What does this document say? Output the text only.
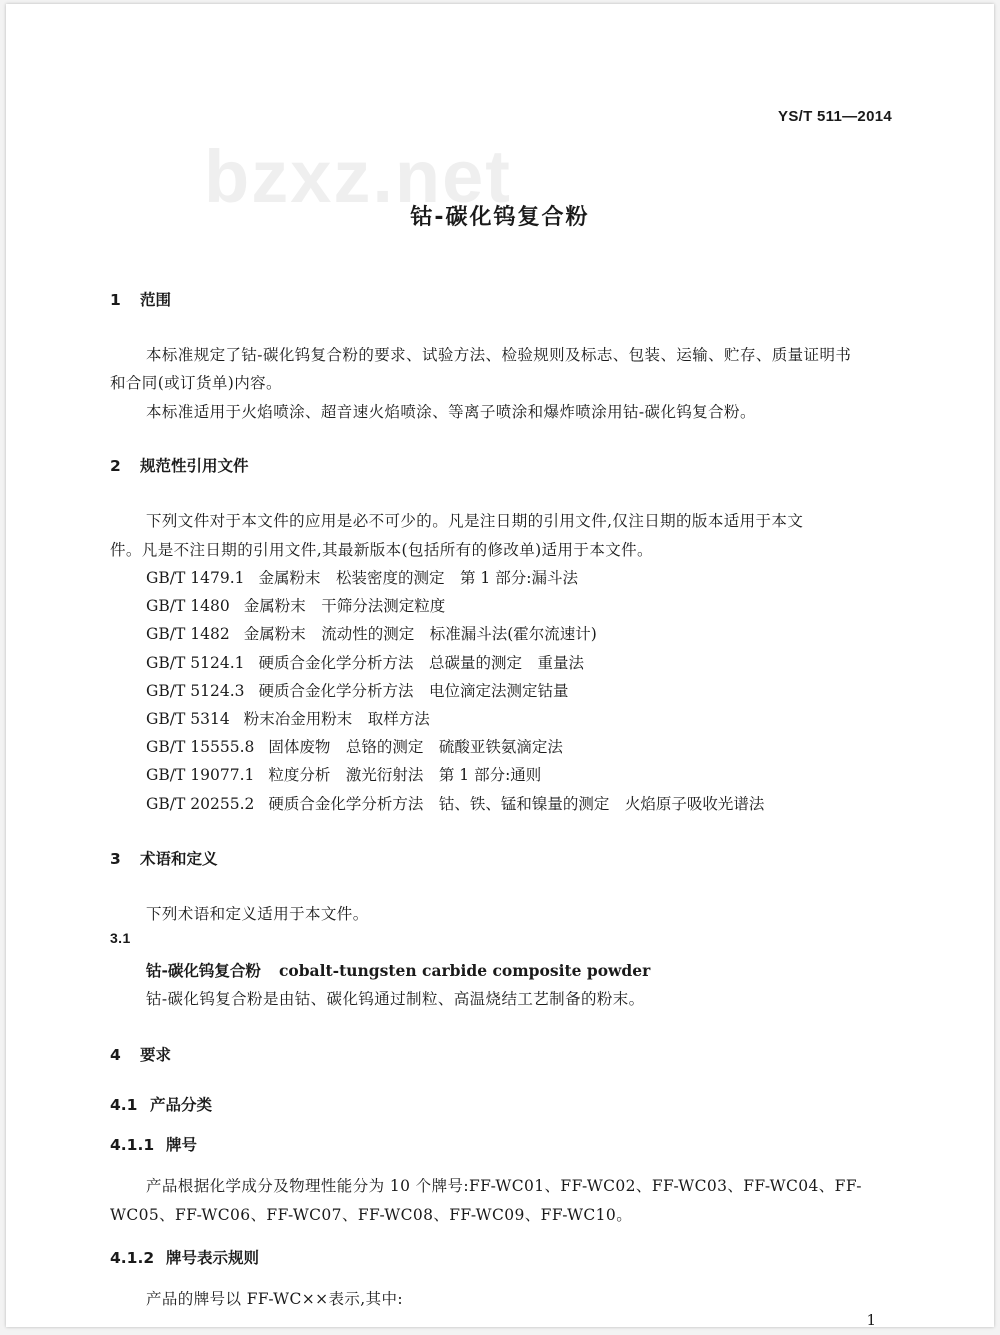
YS/T 511—2014
bzxz.net
钴-碳化钨复合粉
1 范围
本标准规定了钴-碳化钨复合粉的要求、试验方法、检验规则及标志、包装、运输、贮存、质量证明书
和合同(或订货单)内容。
本标准适用于火焰喷涂、超音速火焰喷涂、等离子喷涂和爆炸喷涂用钴-碳化钨复合粉。
2 规范性引用文件
下列文件对于本文件的应用是必不可少的。凡是注日期的引用文件,仅注日期的版本适用于本文
件。凡是不注日期的引用文件,其最新版本(包括所有的修改单)适用于本文件。
GB/T 1479.1 金属粉末　松装密度的测定　第 1 部分:漏斗法
GB/T 1480 金属粉末　干筛分法测定粒度
GB/T 1482 金属粉末　流动性的测定　标准漏斗法(霍尔流速计)
GB/T 5124.1 硬质合金化学分析方法　总碳量的测定　重量法
GB/T 5124.3 硬质合金化学分析方法　电位滴定法测定钴量
GB/T 5314 粉末冶金用粉末　取样方法
GB/T 15555.8 固体废物　总铬的测定　硫酸亚铁氨滴定法
GB/T 19077.1 粒度分析　激光衍射法　第 1 部分:通则
GB/T 20255.2 硬质合金化学分析方法　钴、铁、锰和镍量的测定　火焰原子吸收光谱法
3 术语和定义
下列术语和定义适用于本文件。
3.1
钴-碳化钨复合粉 cobalt-tungsten carbide composite powder
钴-碳化钨复合粉是由钴、碳化钨通过制粒、高温烧结工艺制备的粉末。
4 要求
4.1 产品分类
4.1.1 牌号
产品根据化学成分及物理性能分为 10 个牌号:FF-WC01、FF-WC02、FF-WC03、FF-WC04、FF-
WC05、FF-WC06、FF-WC07、FF-WC08、FF-WC09、FF-WC10。
4.1.2 牌号表示规则
产品的牌号以 FF-WC××表示,其中:
1
